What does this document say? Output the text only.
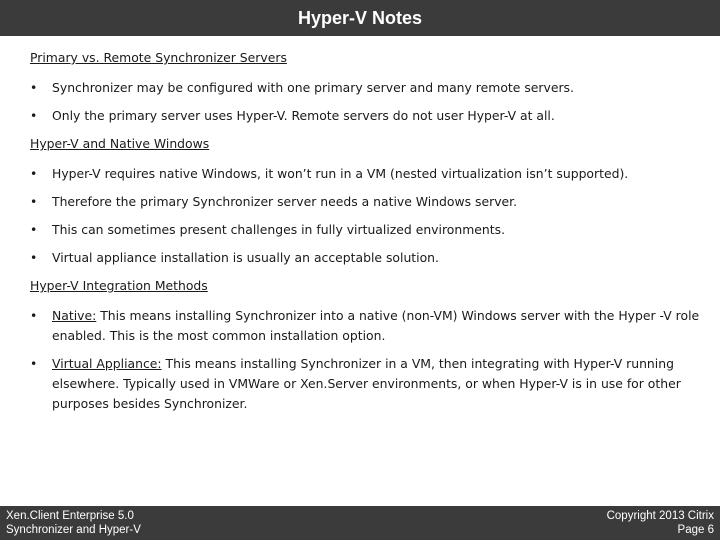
Hyper-V Notes
Primary vs. Remote Synchronizer Servers
•	Synchronizer may be configured with one primary server and many remote servers.
•	Only the primary server uses Hyper-V. Remote servers do not user Hyper-V at all.
Hyper-V and Native Windows
•	Hyper-V requires native Windows, it won’t run in a VM (nested virtualization isn’t supported).
•	Therefore the primary Synchronizer server needs a native Windows server.
•	This can sometimes present challenges in fully virtualized environments.
•	Virtual appliance installation is usually an acceptable solution.
Hyper-V Integration Methods
•	Native: This means installing Synchronizer into a native (non-VM) Windows server with the Hyper -V role enabled. This is the most common installation option.
•	Virtual Appliance: This means installing Synchronizer in a VM, then integrating with Hyper-V running elsewhere. Typically used in VMWare or Xen.Server environments, or when Hyper-V is in use for other purposes besides Synchronizer.
Xen.Client Enterprise 5.0
Synchronizer and Hyper-V
Copyright 2013 Citrix
Page 6
